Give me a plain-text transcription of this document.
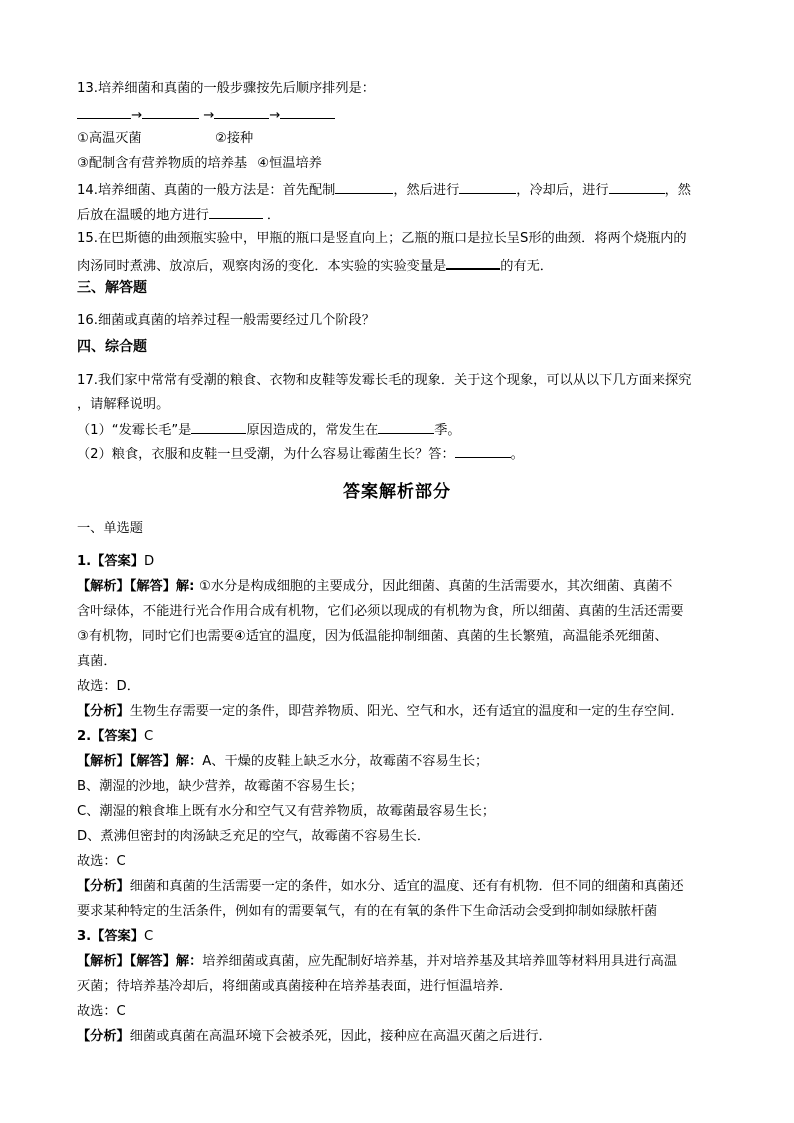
13.培养细菌和真菌的一般步骤按先后顺序排列是：
→	→	→
①高温灭菌	②接种
③配制含有营养物质的培养基 ④恒温培养
14.培养细菌、真菌的一般方法是：首先配制	，然后进行	，冷却后，进行	，然
后放在温暖的地方进行	．
15.在巴斯德的曲颈瓶实验中，甲瓶的瓶口是竖直向上；乙瓶的瓶口是拉长呈S形的曲颈．将两个烧瓶内的
肉汤同时煮沸、放凉后，观察肉汤的变化．本实验的实验变量是	的有无．
三、解答题
16.细菌或真菌的培养过程一般需要经过几个阶段？
四、综合题
17.我们家中常常有受潮的粮食、衣物和皮鞋等发霉长毛的现象．关于这个现象，可以从以下几方面来探究
，请解释说明。
（1）“发霉长毛”是	原因造成的，常发生在	季。
（2）粮食，衣服和皮鞋一旦受潮，为什么容易让霉菌生长？答：	。
答案解析部分
一、单选题
1.【答案】D
【解析】【解答】解: ①水分是构成细胞的主要成分，因此细菌、真菌的生活需要水，其次细菌、真菌不
含叶绿体，不能进行光合作用合成有机物，它们必须以现成的有机物为食，所以细菌、真菌的生活还需要
③有机物，同时它们也需要④适宜的温度，因为低温能抑制细菌、真菌的生长繁殖，高温能杀死细菌、
真菌．
故选：D．
【分析】生物生存需要一定的条件，即营养物质、阳光、空气和水，还有适宜的温度和一定的生存空间．
2.【答案】C
【解析】【解答】解：A、干燥的皮鞋上缺乏水分，故霉菌不容易生长；
B、潮湿的沙地，缺少营养，故霉菌不容易生长；
C、潮湿的粮食堆上既有水分和空气又有营养物质，故霉菌最容易生长；
D、煮沸但密封的肉汤缺乏充足的空气，故霉菌不容易生长．
故选：C
【分析】细菌和真菌的生活需要一定的条件，如水分、适宜的温度、还有有机物．但不同的细菌和真菌还
要求某种特定的生活条件，例如有的需要氧气，有的在有氧的条件下生命活动会受到抑制如绿脓杆菌
3.【答案】C
【解析】【解答】解：培养细菌或真菌，应先配制好培养基，并对培养基及其培养皿等材料用具进行高温
灭菌；待培养基冷却后，将细菌或真菌接种在培养基表面，进行恒温培养．
故选：C
【分析】细菌或真菌在高温环境下会被杀死，因此，接种应在高温灭菌之后进行．
